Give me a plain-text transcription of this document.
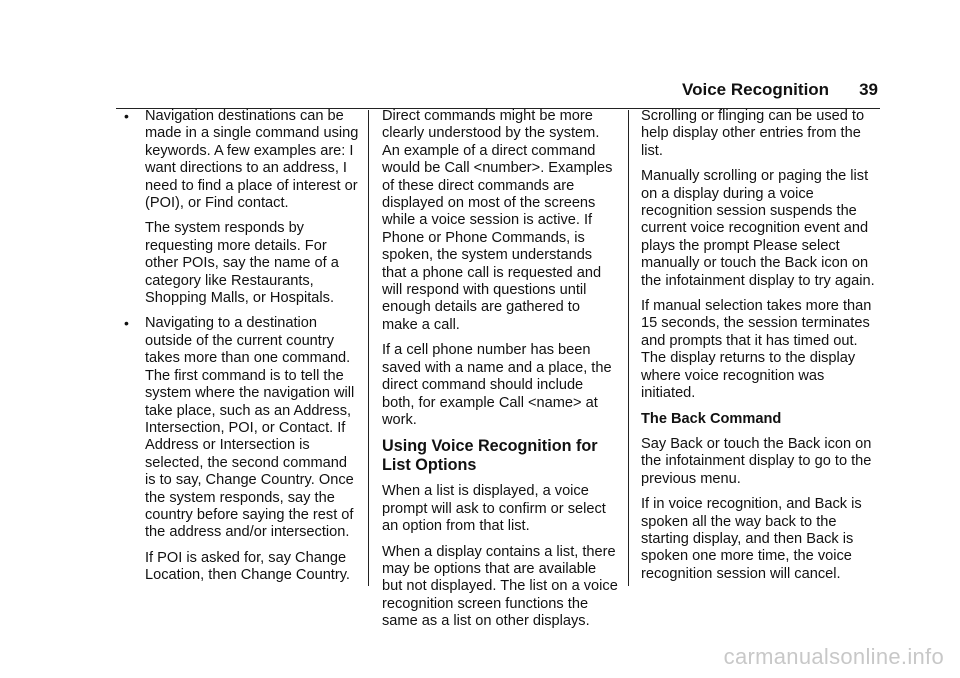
Voice Recognition 39
• Navigation destinations can be made in a single command using keywords. A few examples are: I want directions to an address, I need to find a place of interest or (POI), or Find contact.

The system responds by requesting more details. For other POIs, say the name of a category like Restaurants, Shopping Malls, or Hospitals.

• Navigating to a destination outside of the current country takes more than one command. The first command is to tell the system where the navigation will take place, such as an Address, Intersection, POI, or Contact. If Address or Intersection is selected, the second command is to say, Change Country. Once the system responds, say the country before saying the rest of the address and/or intersection.

If POI is asked for, say Change Location, then Change Country.

Direct commands might be more clearly understood by the system. An example of a direct command would be Call <number>. Examples of these direct commands are displayed on most of the screens while a voice session is active. If Phone or Phone Commands, is spoken, the system understands that a phone call is requested and will respond with questions until enough details are gathered to make a call.

If a cell phone number has been saved with a name and a place, the direct command should include both, for example Call <name> at work.

Using Voice Recognition for List Options

When a list is displayed, a voice prompt will ask to confirm or select an option from that list.

When a display contains a list, there may be options that are available but not displayed. The list on a voice recognition screen functions the same as a list on other displays.

Scrolling or flinging can be used to help display other entries from the list.

Manually scrolling or paging the list on a display during a voice recognition session suspends the current voice recognition event and plays the prompt Please select manually or touch the Back icon on the infotainment display to try again.

If manual selection takes more than 15 seconds, the session terminates and prompts that it has timed out. The display returns to the display where voice recognition was initiated.

The Back Command

Say Back or touch the Back icon on the infotainment display to go to the previous menu.

If in voice recognition, and Back is spoken all the way back to the starting display, and then Back is spoken one more time, the voice recognition session will cancel.

carmanualsonline.info
